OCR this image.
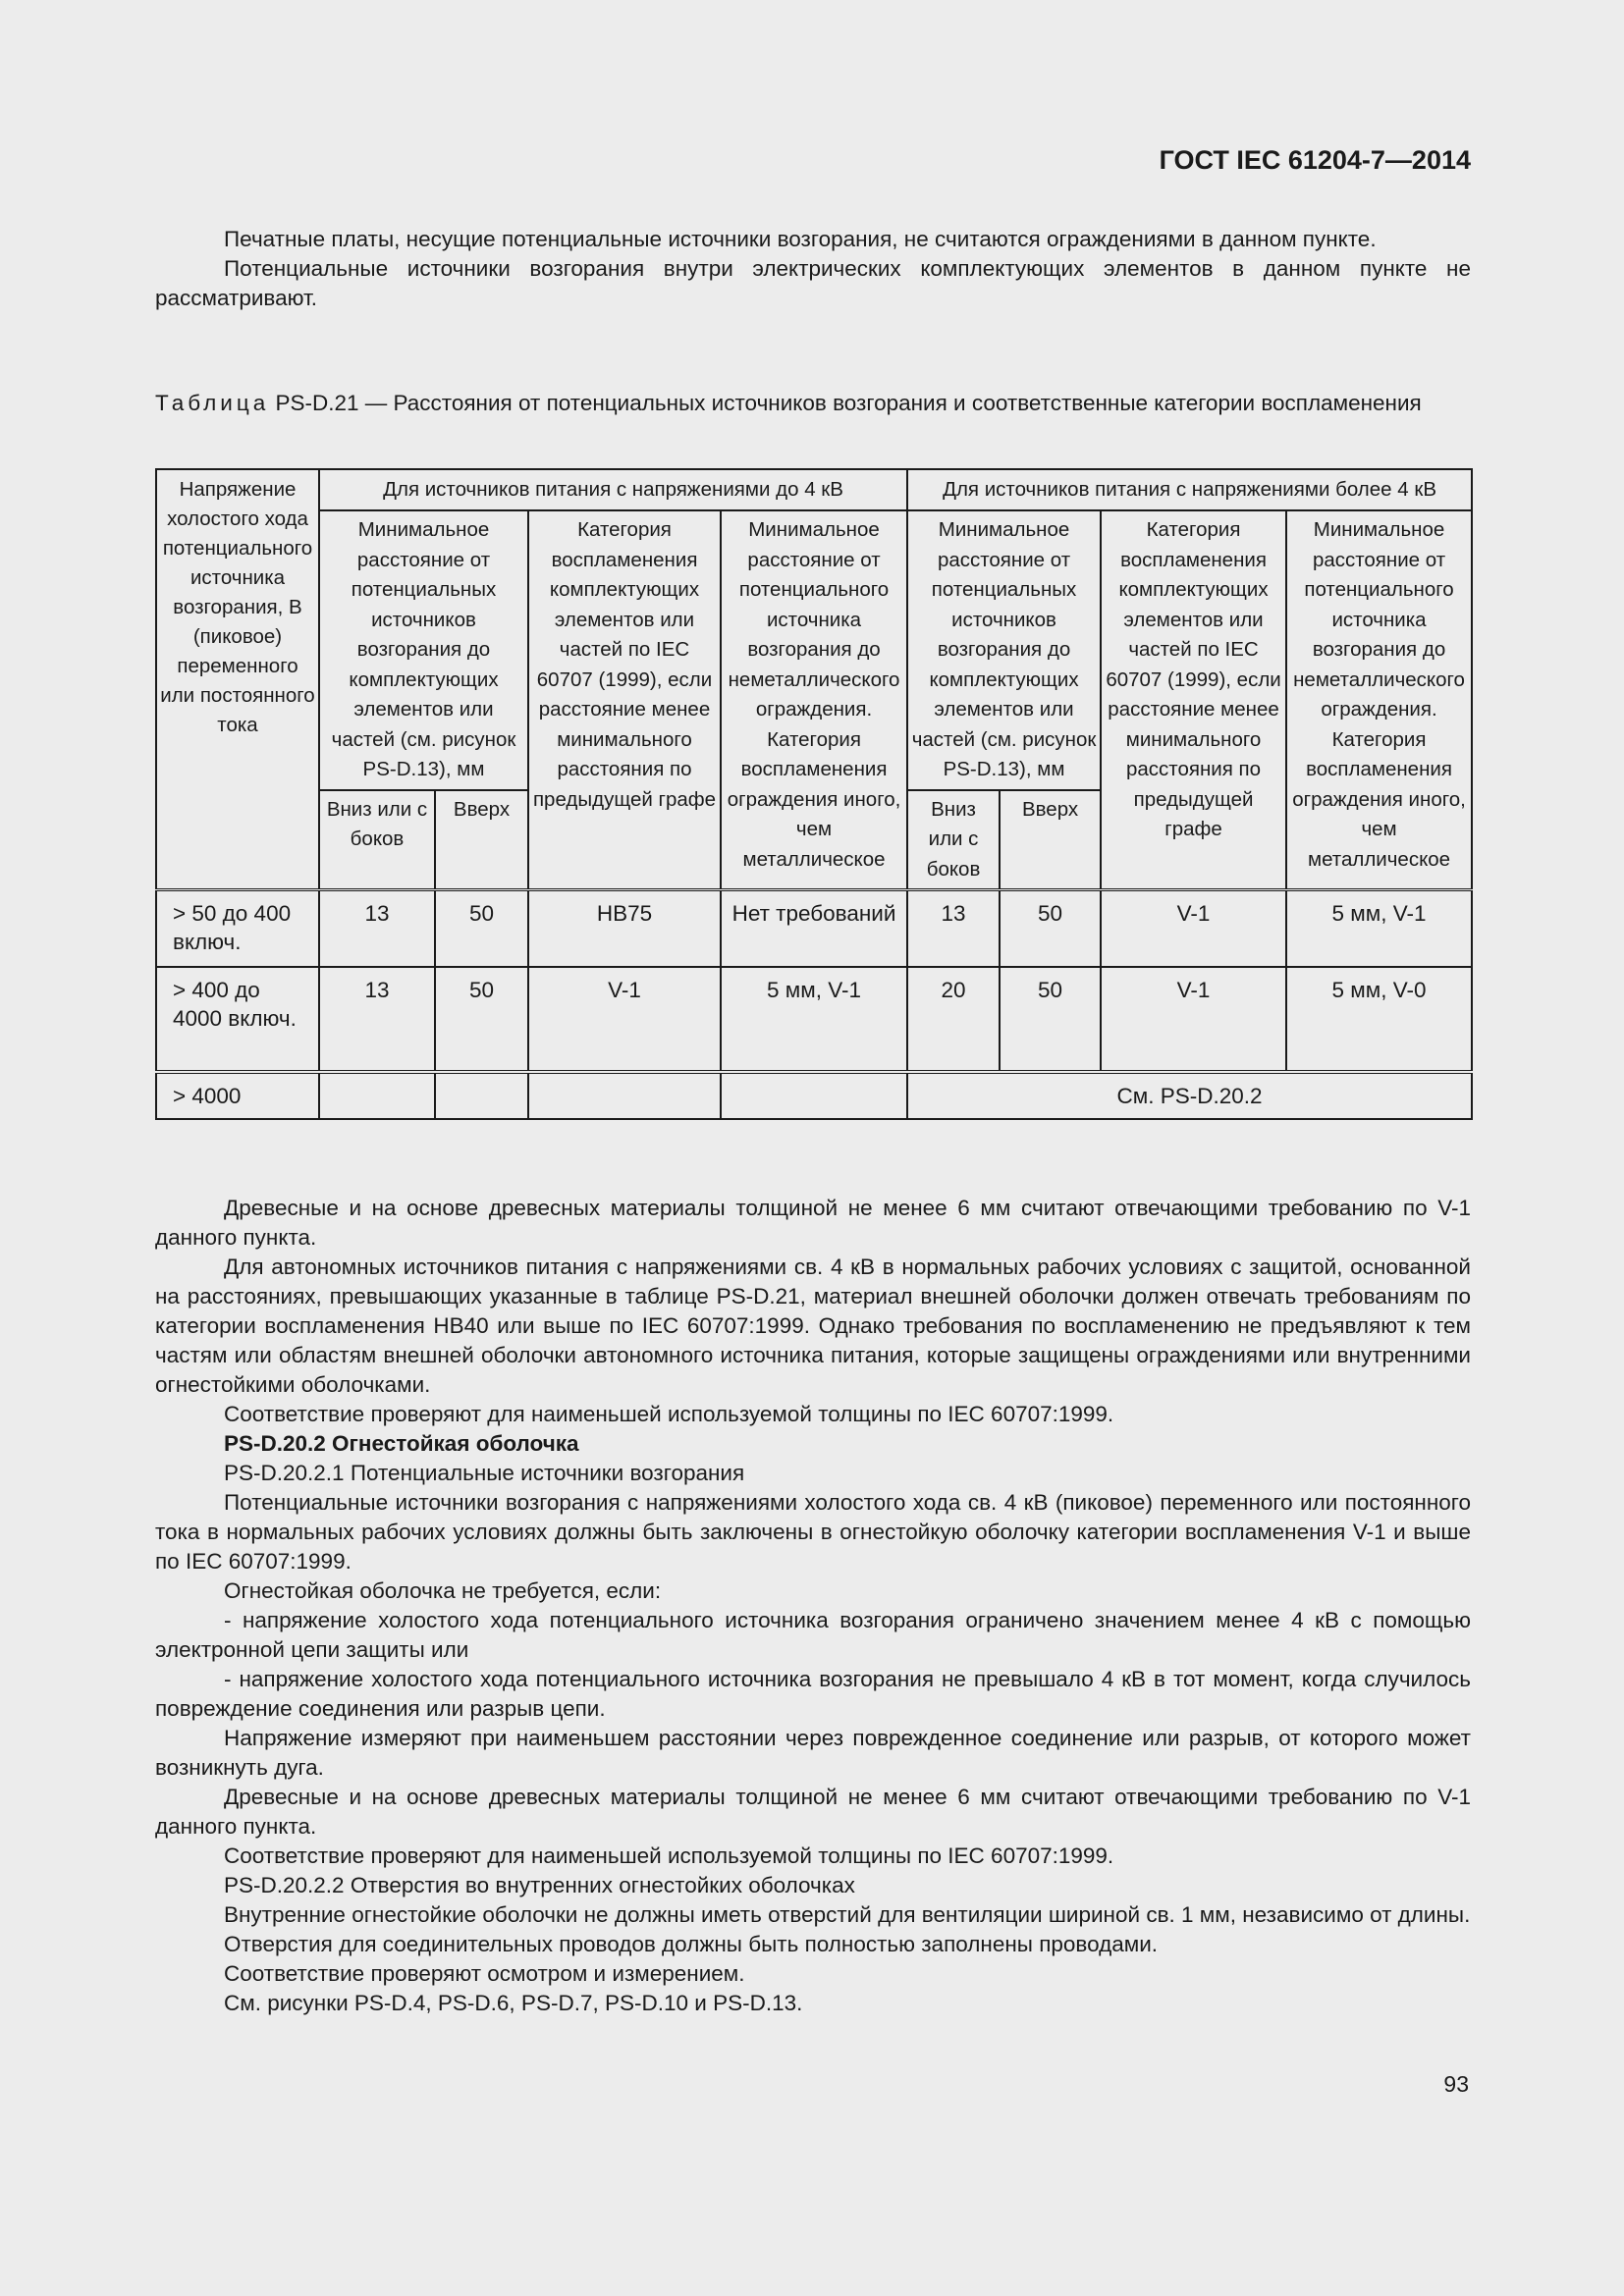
ГОСТ IEC 61204-7—2014

Печатные платы, несущие потенциальные источники возгорания, не считаются ограждениями в данном пункте.

Потенциальные источники возгорания внутри электрических комплектующих элементов в данном пункте не рассматривают.

Таблица PS-D.21 — Расстояния от потенциальных источников возгорания и соответственные категории воспламенения
Напряжение холостого хода потенциального источника возгорания, В (пиковое) переменного или постоянного тока	Для источников питания с напряжениями до 4 кВ				Для источников питания с напряжениями более 4 кВ			
	Минимальное расстояние от потенциальных источников возгорания до комплектующих элементов или частей (см. рисунок PS-D.13), мм		Категория воспламенения комплектующих элементов или частей по IEC 60707 (1999), если расстояние менее минимального расстояния по предыдущей графе	Минимальное расстояние от потенциального источника возгорания до неметаллического ограждения. Категория воспламенения ограждения иного, чем металлическое	Минимальное расстояние от потенциальных источников возгорания до комплектующих элементов или частей (см. рисунок PS-D.13), мм		Категория воспламенения комплектующих элементов или частей по IEC 60707 (1999), если расстояние менее минимального расстояния по предыдущей графе	Минимальное расстояние от потенциального источника возгорания до неметаллического ограждения. Категория воспламенения ограждения иного, чем металлическое
	Вниз или с боков	Вверх			Вниз или с боков	Вверх		
> 50 до 400 включ.	13	50	HB75	Нет требований	13	50	V-1	5 мм, V-1
> 400 до 4000 включ.	13	50	V-1	5 мм, V-1	20	50	V-1	5 мм, V-0
> 4000					См. PS-D.20.2			

Древесные и на основе древесных материалы толщиной не менее 6 мм считают отвечающими требованию по V-1 данного пункта.

Для автономных источников питания с напряжениями св. 4 кВ в нормальных рабочих условиях с защитой, основанной на расстояниях, превышающих указанные в таблице PS-D.21, материал внешней оболочки должен отвечать требованиям по категории воспламенения HB40 или выше по IEC 60707:1999. Однако требования по воспламенению не предъявляют к тем частям или областям внешней оболочки автономного источника питания, которые защищены ограждениями или внутренними огнестойкими оболочками.

Соответствие проверяют для наименьшей используемой толщины по IEC 60707:1999.

PS-D.20.2 Огнестойкая оболочка

PS-D.20.2.1 Потенциальные источники возгорания

Потенциальные источники возгорания с напряжениями холостого хода св. 4 кВ (пиковое) переменного или постоянного тока в нормальных рабочих условиях должны быть заключены в огнестойкую оболочку категории воспламенения V-1 и выше по IEC 60707:1999.

Огнестойкая оболочка не требуется, если:

- напряжение холостого хода потенциального источника возгорания ограничено значением менее 4 кВ с помощью электронной цепи защиты или

- напряжение холостого хода потенциального источника возгорания не превышало 4 кВ в тот момент, когда случилось повреждение соединения или разрыв цепи.

Напряжение измеряют при наименьшем расстоянии через поврежденное соединение или разрыв, от которого может возникнуть дуга.

Древесные и на основе древесных материалы толщиной не менее 6 мм считают отвечающими требованию по V-1 данного пункта.

Соответствие проверяют для наименьшей используемой толщины по IEC 60707:1999.

PS-D.20.2.2 Отверстия во внутренних огнестойких оболочках

Внутренние огнестойкие оболочки не должны иметь отверстий для вентиляции шириной св. 1 мм, независимо от длины.

Отверстия для соединительных проводов должны быть полностью заполнены проводами.

Соответствие проверяют осмотром и измерением.

См. рисунки PS-D.4, PS-D.6, PS-D.7, PS-D.10 и PS-D.13.

93
